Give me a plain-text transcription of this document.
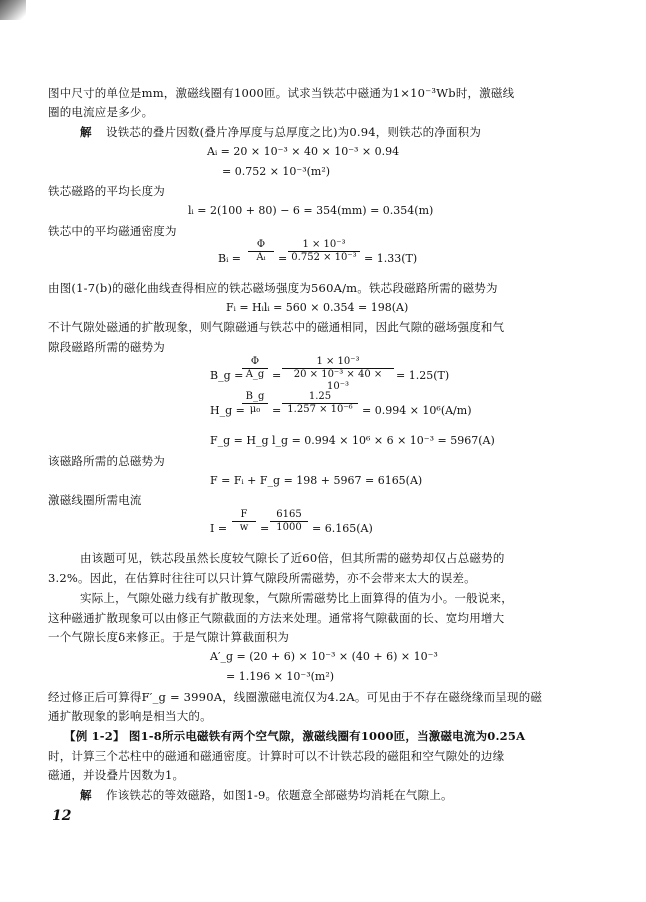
图中尺寸的单位是mm，激磁线圈有1000匝。试求当铁芯中磁通为1×10⁻³Wb时，激磁线
圈的电流应是多少。
解 设铁芯的叠片因数(叠片净厚度与总厚度之比)为0.94，则铁芯的净面积为
Aᵢ = 20 × 10⁻³ × 40 × 10⁻³ × 0.94
= 0.752 × 10⁻³(m²)
铁芯磁路的平均长度为
lᵢ = 2(100 + 80) − 6 = 354(mm) = 0.354(m)
铁芯中的平均磁通密度为
Bᵢ = $\frac{\Phi}{\text{Aᵢ}} = \frac{\text{1 × 10⁻³}}{\text{0.752 × 10⁻³}} = 1.33(T)$
由图(1-7(b)的磁化曲线查得相应的铁芯磁场强度为560A/m。铁芯段磁路所需的磁势为
Fᵢ = Hᵢlᵢ = 560 × 0.354 = 198(A)
不计气隙处磁通的扩散现象，则气隙磁通与铁芯中的磁通相同，因此气隙的磁场强度和气
隙段磁路所需的磁势为
B_g =
$\frac{\Phi}{A\_g} = \frac{\text{1 × 10⁻³}}{\text{20 × 10⁻³ × 40 × 10⁻³}} = 1.25(T)$
H_g =
$\frac{B\_g}{\text{μ₀}} = \frac{1.25}{\text{1.257 × 10⁻⁶}} = 0.994 \times 10^6(A/m)$
F_g = H_g l_g = 0.994 × 10⁶ × 6 × 10⁻³ = 5967(A)
该磁路所需的总磁势为
F = Fᵢ + F_g = 198 + 5967 = 6165(A)
激磁线圈所需电流
$I = \frac{F}{w} = \frac{6165}{1000} = 6.165(A)$
由该题可见，铁芯段虽然长度较气隙长了近60倍，但其所需的磁势却仅占总磁势的
3.2%。因此，在估算时往往可以只计算气隙段所需磁势，亦不会带来太大的误差。
实际上，气隙处磁力线有扩散现象，气隙所需磁势比上面算得的值为小。一般说来，
这种磁通扩散现象可以由修正气隙截面的方法来处理。通常将气隙截面的长、宽均用增大
一个气隙长度δ来修正。于是气隙计算截面积为
A′_g = (20 + 6) × 10⁻³ × (40 + 6) × 10⁻³
= 1.196 × 10⁻³(m²)
经过修正后可算得F′_g = 3990A，线圈激磁电流仅为4.2A。可见由于不存在磁绕缘而呈现的磁
通扩散现象的影响是相当大的。
【例 1-2】 图1-8所示电磁铁有两个空气隙，激磁线圈有1000匝，当激磁电流为0.25A
时，计算三个芯柱中的磁通和磁通密度。计算时可以不计铁芯段的磁阻和空气隙处的边缘
磁通，并设叠片因数为1。
解 作该铁芯的等效磁路，如图1-9。依题意全部磁势均消耗在气隙上。
12
